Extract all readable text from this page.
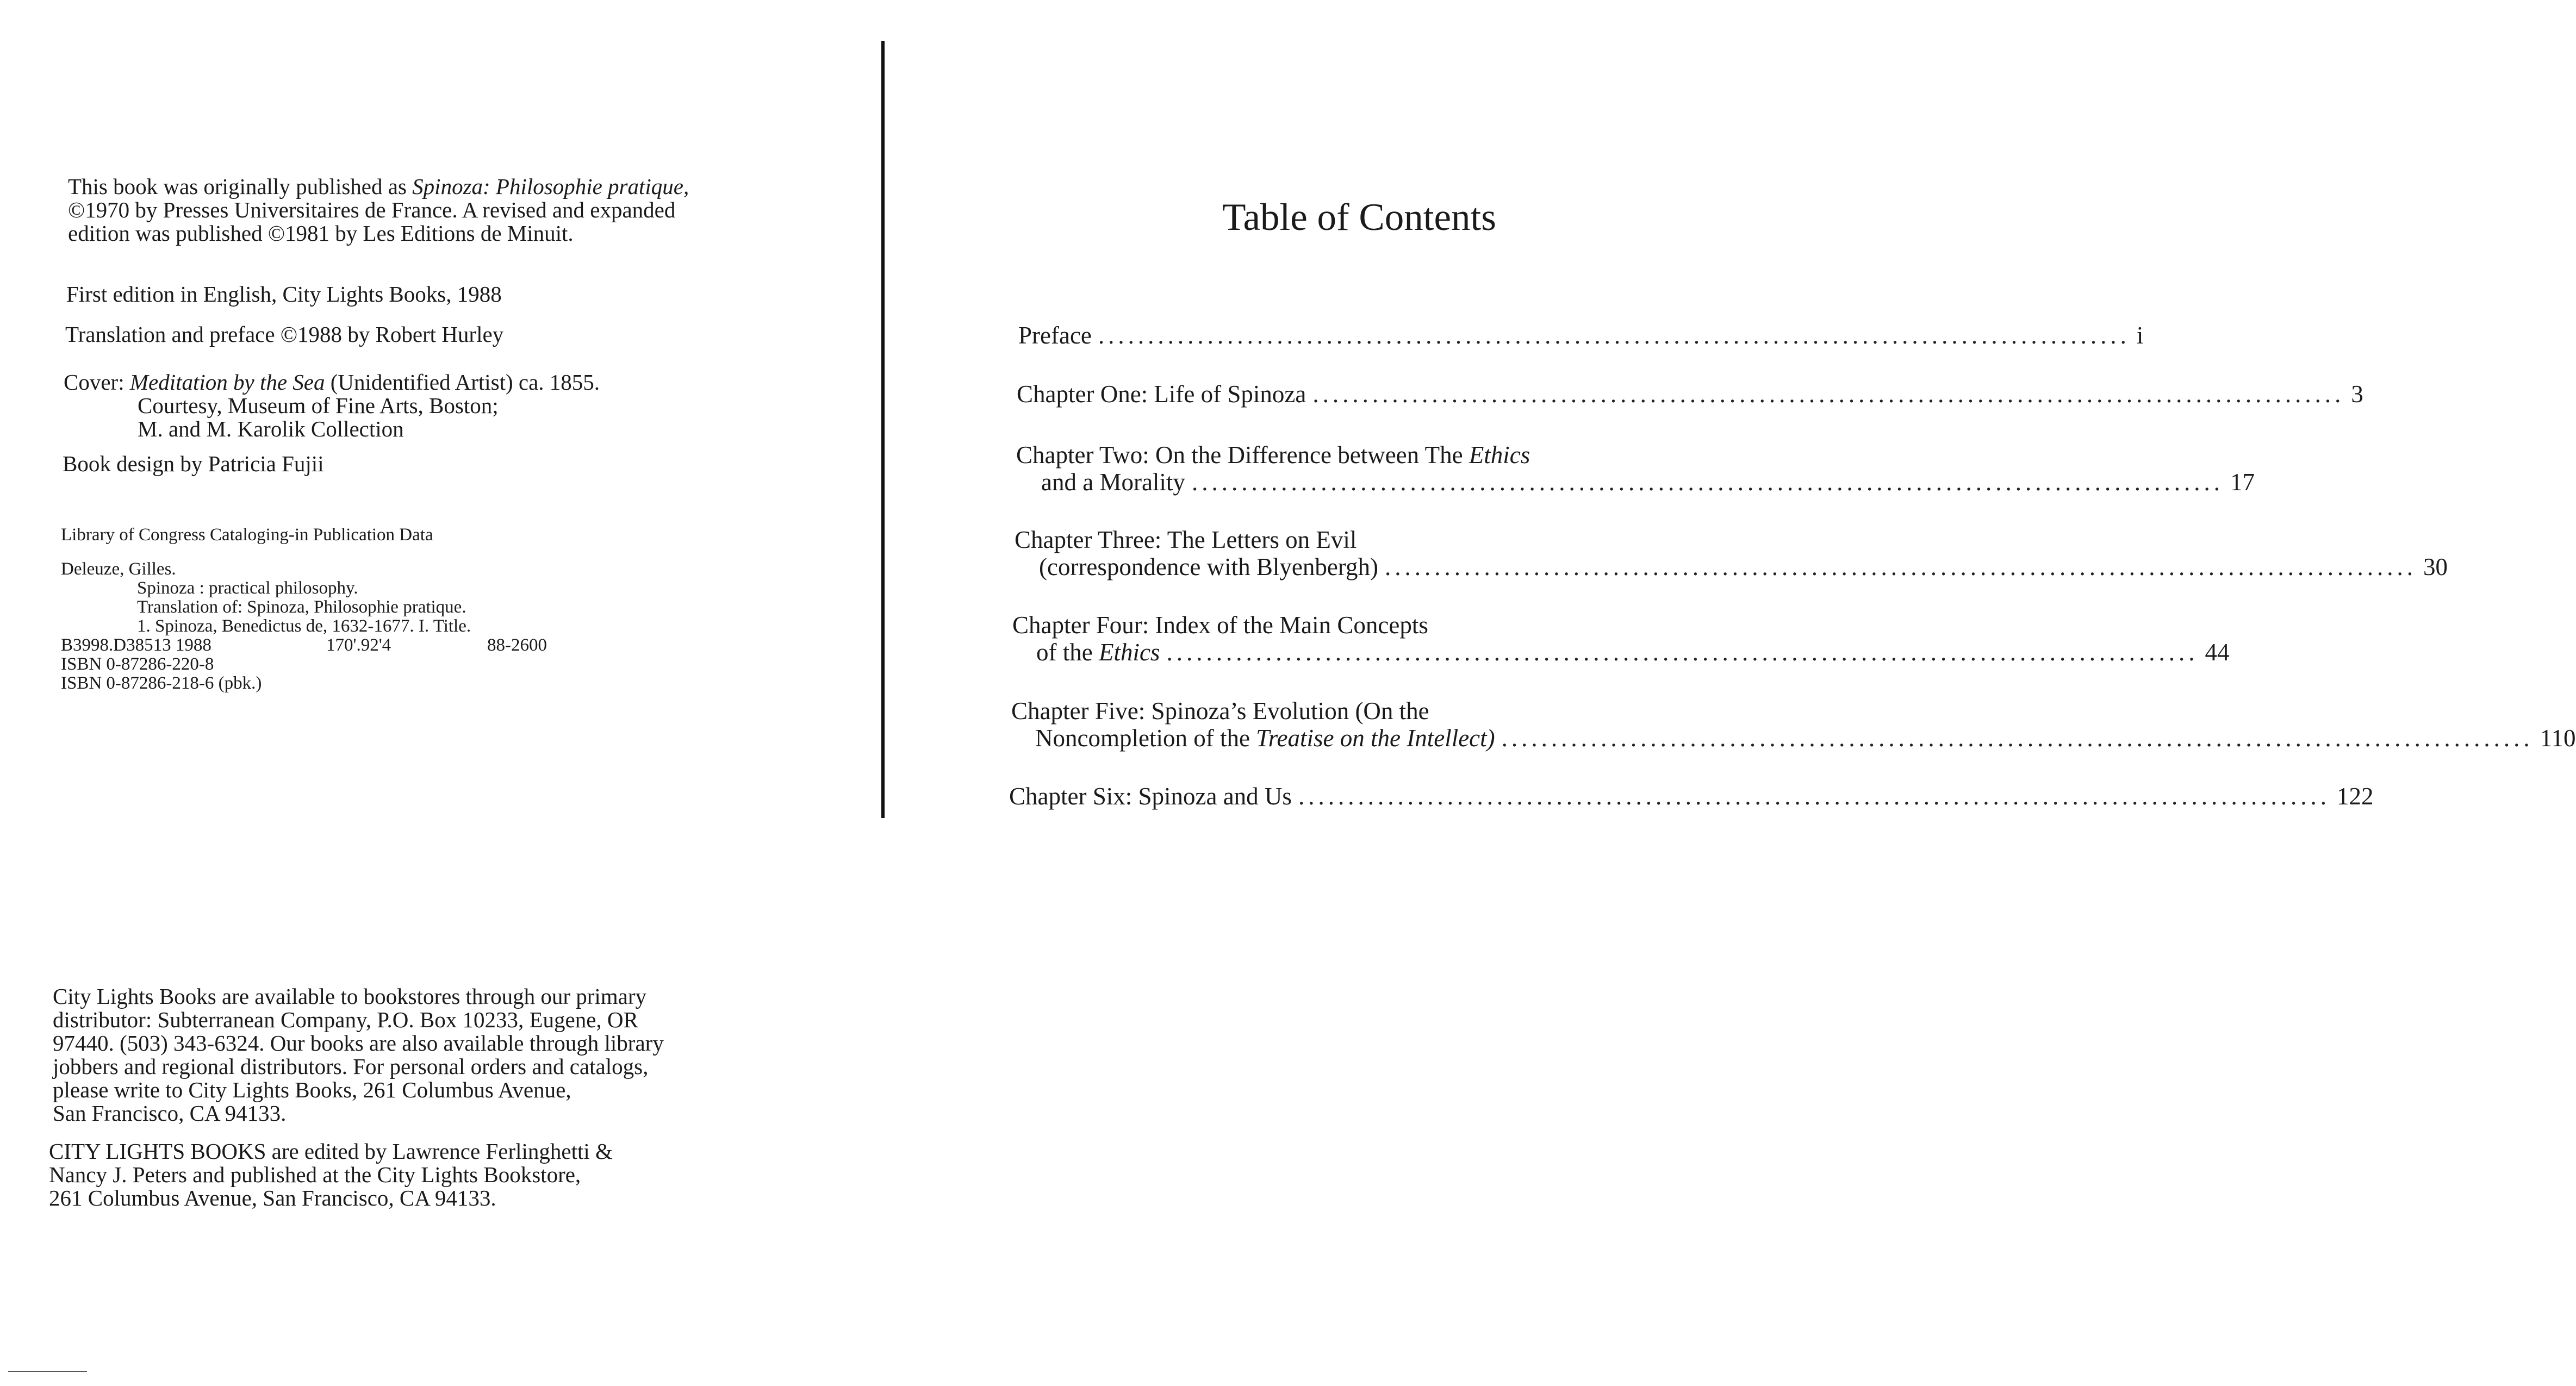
This book was originally published as Spinoza: Philosophie pratique,
©1970 by Presses Universitaires de France. A revised and expanded
edition was published ©1981 by Les Editions de Minuit.
First edition in English, City Lights Books, 1988
Translation and preface ©1988 by Robert Hurley
Cover: Meditation by the Sea (Unidentified Artist) ca. 1855.
Courtesy, Museum of Fine Arts, Boston;
M. and M. Karolik Collection
Book design by Patricia Fujii
Library of Congress Cataloging-in Publication Data
Deleuze, Gilles.
Spinoza : practical philosophy.
Translation of: Spinoza, Philosophie pratique.
1. Spinoza, Benedictus de, 1632-1677. I. Title.
B3998.D38513 1988	170'.92'4	88-2600
ISBN 0-87286-220-8
ISBN 0-87286-218-6 (pbk.)
City Lights Books are available to bookstores through our primary
distributor: Subterranean Company, P.O. Box 10233, Eugene, OR
97440. (503) 343-6324. Our books are also available through library
jobbers and regional distributors. For personal orders and catalogs,
please write to City Lights Books, 261 Columbus Avenue,
San Francisco, CA 94133.
CITY LIGHTS BOOKS are edited by Lawrence Ferlinghetti &
Nancy J. Peters and published at the City Lights Bookstore,
261 Columbus Avenue, San Francisco, CA 94133.
Table of Contents
Preface ........................................................................................................ i
Chapter One: Life of Spinoza ........................................................................................................ 3
Chapter Two: On the Difference between The Ethics
and a Morality ........................................................................................................ 17
Chapter Three: The Letters on Evil
(correspondence with Blyenbergh) ........................................................................................................ 30
Chapter Four: Index of the Main Concepts
of the Ethics ........................................................................................................ 44
Chapter Five: Spinoza’s Evolution (On the
Noncompletion of the Treatise on the Intellect) ........................................................................................................ 110
Chapter Six: Spinoza and Us ........................................................................................................ 122
